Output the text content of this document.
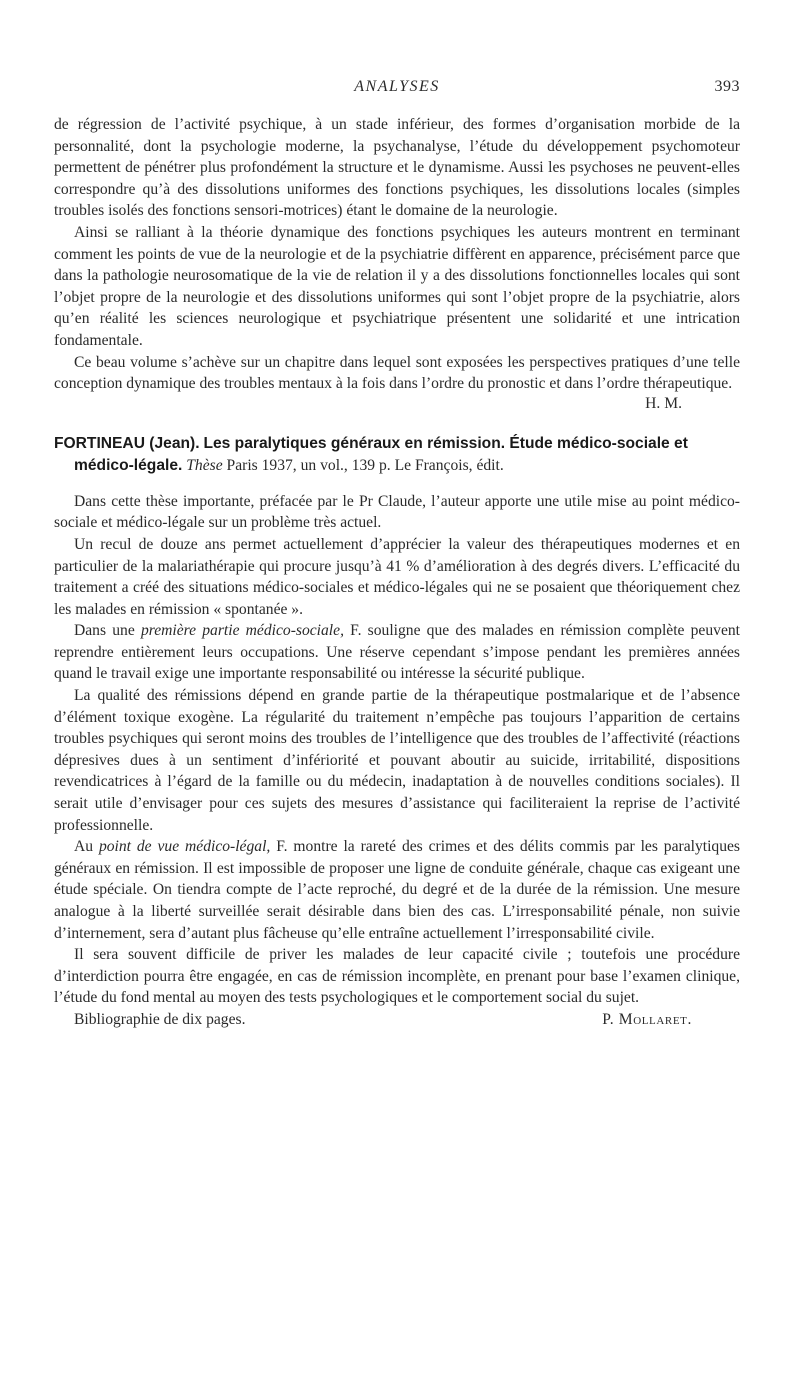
ANALYSES	393

de régression de l’activité psychique, à un stade inférieur, des formes d’organisation morbide de la personnalité, dont la psychologie moderne, la psychanalyse, l’étude du développement psychomoteur permettent de pénétrer plus profondément la structure et le dynamisme. Aussi les psychoses ne peuvent-elles correspondre qu’à des dissolutions uniformes des fonctions psychiques, les dissolutions locales (simples troubles isolés des fonctions sensori-motrices) étant le domaine de la neurologie.

Ainsi se ralliant à la théorie dynamique des fonctions psychiques les auteurs montrent en terminant comment les points de vue de la neurologie et de la psychiatrie diffèrent en apparence, précisément parce que dans la pathologie neurosomatique de la vie de relation il y a des dissolutions fonctionnelles locales qui sont l’objet propre de la neurologie et des dissolutions uniformes qui sont l’objet propre de la psychiatrie, alors qu’en réalité les sciences neurologique et psychiatrique présentent une solidarité et une intrication fondamentale.

Ce beau volume s’achève sur un chapitre dans lequel sont exposées les perspectives pratiques d’une telle conception dynamique des troubles mentaux à la fois dans l’ordre du pronostic et dans l’ordre thérapeutique.

H. M.

FORTINEAU (Jean). Les paralytiques généraux en rémission. Étude médico-sociale et médico-légale. Thèse Paris 1937, un vol., 139 p. Le François, édit.

Dans cette thèse importante, préfacée par le Pr Claude, l’auteur apporte une utile mise au point médico-sociale et médico-légale sur un problème très actuel.

Un recul de douze ans permet actuellement d’apprécier la valeur des thérapeutiques modernes et en particulier de la malariathérapie qui procure jusqu’à 41 % d’amélioration à des degrés divers. L’efficacité du traitement a créé des situations médico-sociales et médico-légales qui ne se posaient que théoriquement chez les malades en rémission « spontanée ».

Dans une première partie médico-sociale, F. souligne que des malades en rémission complète peuvent reprendre entièrement leurs occupations. Une réserve cependant s’impose pendant les premières années quand le travail exige une importante responsabilité ou intéresse la sécurité publique.

La qualité des rémissions dépend en grande partie de la thérapeutique postmalarique et de l’absence d’élément toxique exogène. La régularité du traitement n’empêche pas toujours l’apparition de certains troubles psychiques qui seront moins des troubles de l’intelligence que des troubles de l’affectivité (réactions dépresives dues à un sentiment d’infériorité et pouvant aboutir au suicide, irritabilité, dispositions revendicatrices à l’égard de la famille ou du médecin, inadaptation à de nouvelles conditions sociales). Il serait utile d’envisager pour ces sujets des mesures d’assistance qui faciliteraient la reprise de l’activité professionnelle.

Au point de vue médico-légal, F. montre la rareté des crimes et des délits commis par les paralytiques généraux en rémission. Il est impossible de proposer une ligne de conduite générale, chaque cas exigeant une étude spéciale. On tiendra compte de l’acte reproché, du degré et de la durée de la rémission. Une mesure analogue à la liberté surveillée serait désirable dans bien des cas. L’irresponsabilité pénale, non suivie d’internement, sera d’autant plus fâcheuse qu’elle entraîne actuellement l’irresponsabilité civile.

Il sera souvent difficile de priver les malades de leur capacité civile ; toutefois une procédure d’interdiction pourra être engagée, en cas de rémission incomplète, en prenant pour base l’examen clinique, l’étude du fond mental au moyen des tests psychologiques et le comportement social du sujet.

Bibliographie de dix pages.	P. Mollaret.
